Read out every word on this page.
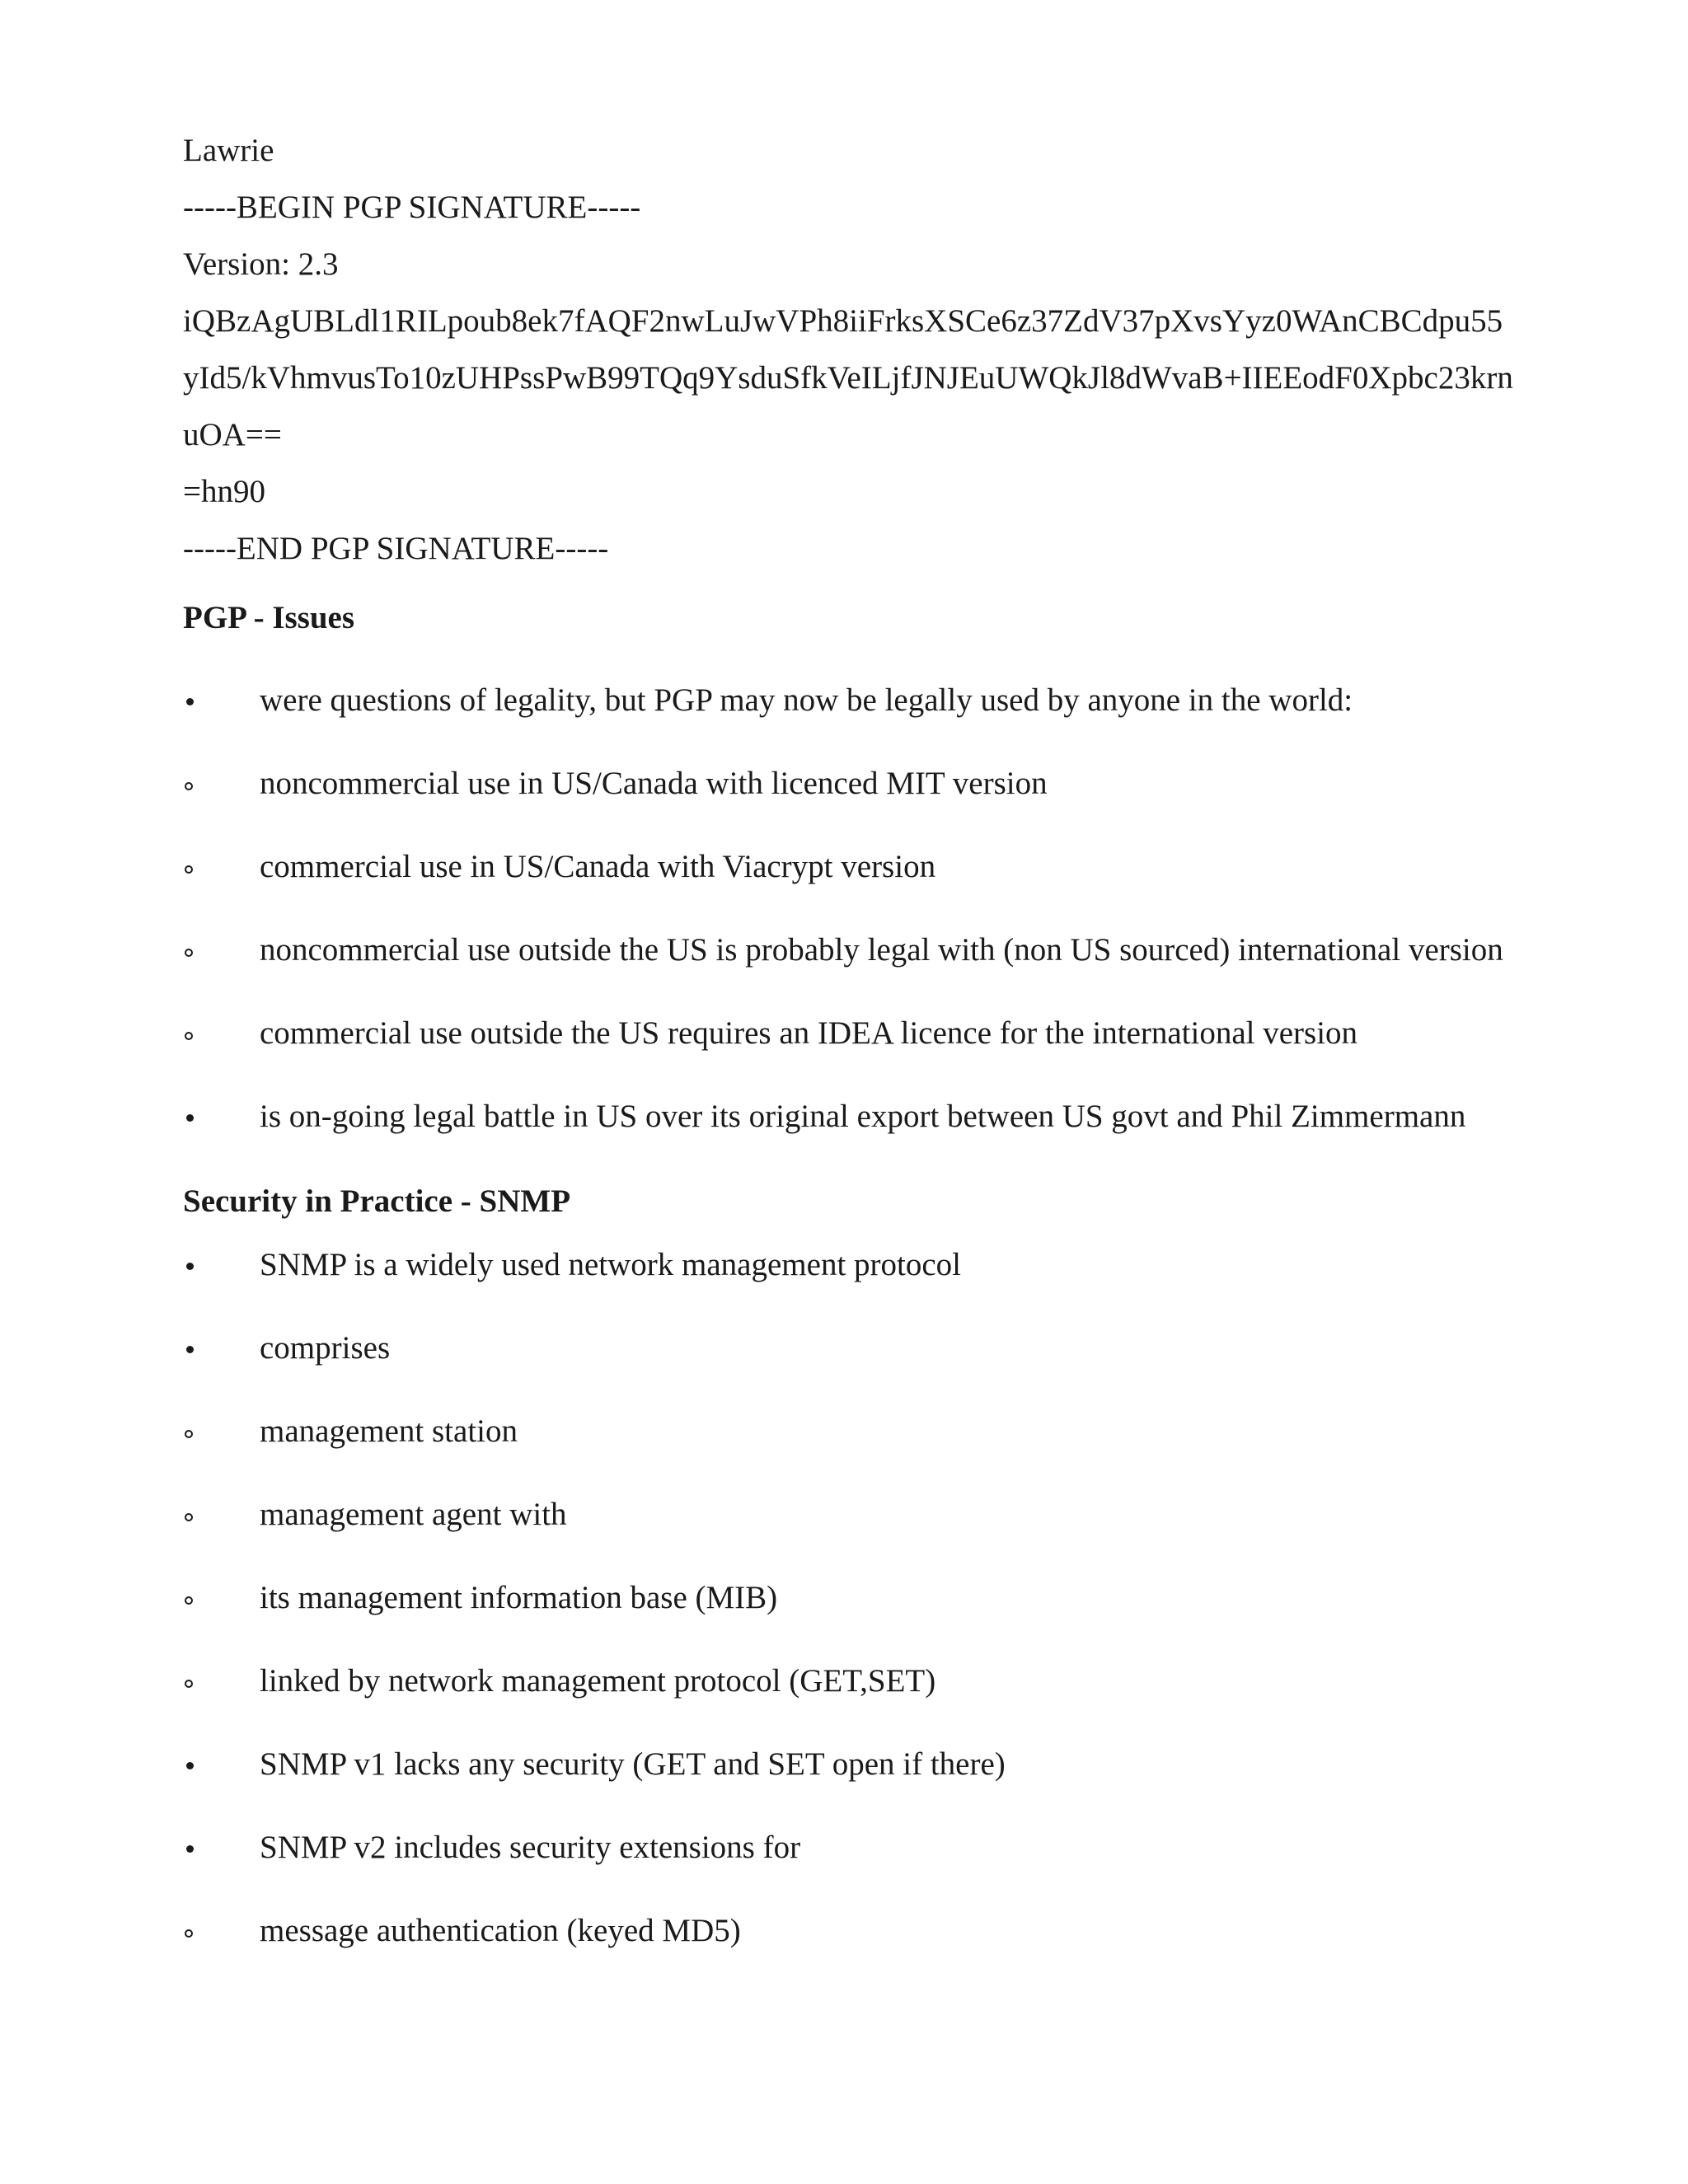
Lawrie
-----BEGIN PGP SIGNATURE-----
Version: 2.3
iQBzAgUBLdl1RILpoub8ek7fAQF2nwLuJwVPh8iiFrksXSCe6z37ZdV37pXvsYyz0WAnCBCdpu55
yId5/kVhmvusTo10zUHPssPwB99TQq9YsduSfkVeILjfJNJEuUWQkJl8dWvaB+IIEEodF0Xpbc23krn
uOA==
=hn90
-----END PGP SIGNATURE-----
PGP - Issues
were questions of legality, but PGP may now be legally used by anyone in the world:
noncommercial use in US/Canada with licenced MIT version
commercial use in US/Canada with Viacrypt version
noncommercial use outside the US is probably legal with (non US sourced) international version
commercial use outside the US requires an IDEA licence for the international version
is on-going legal battle in US over its original export between US govt and Phil Zimmermann
Security in Practice - SNMP
SNMP is a widely used network management protocol
comprises
management station
management agent with
its management information base (MIB)
linked by network management protocol (GET,SET)
SNMP v1 lacks any security (GET and SET open if there)
SNMP v2 includes security extensions for
message authentication (keyed MD5)
